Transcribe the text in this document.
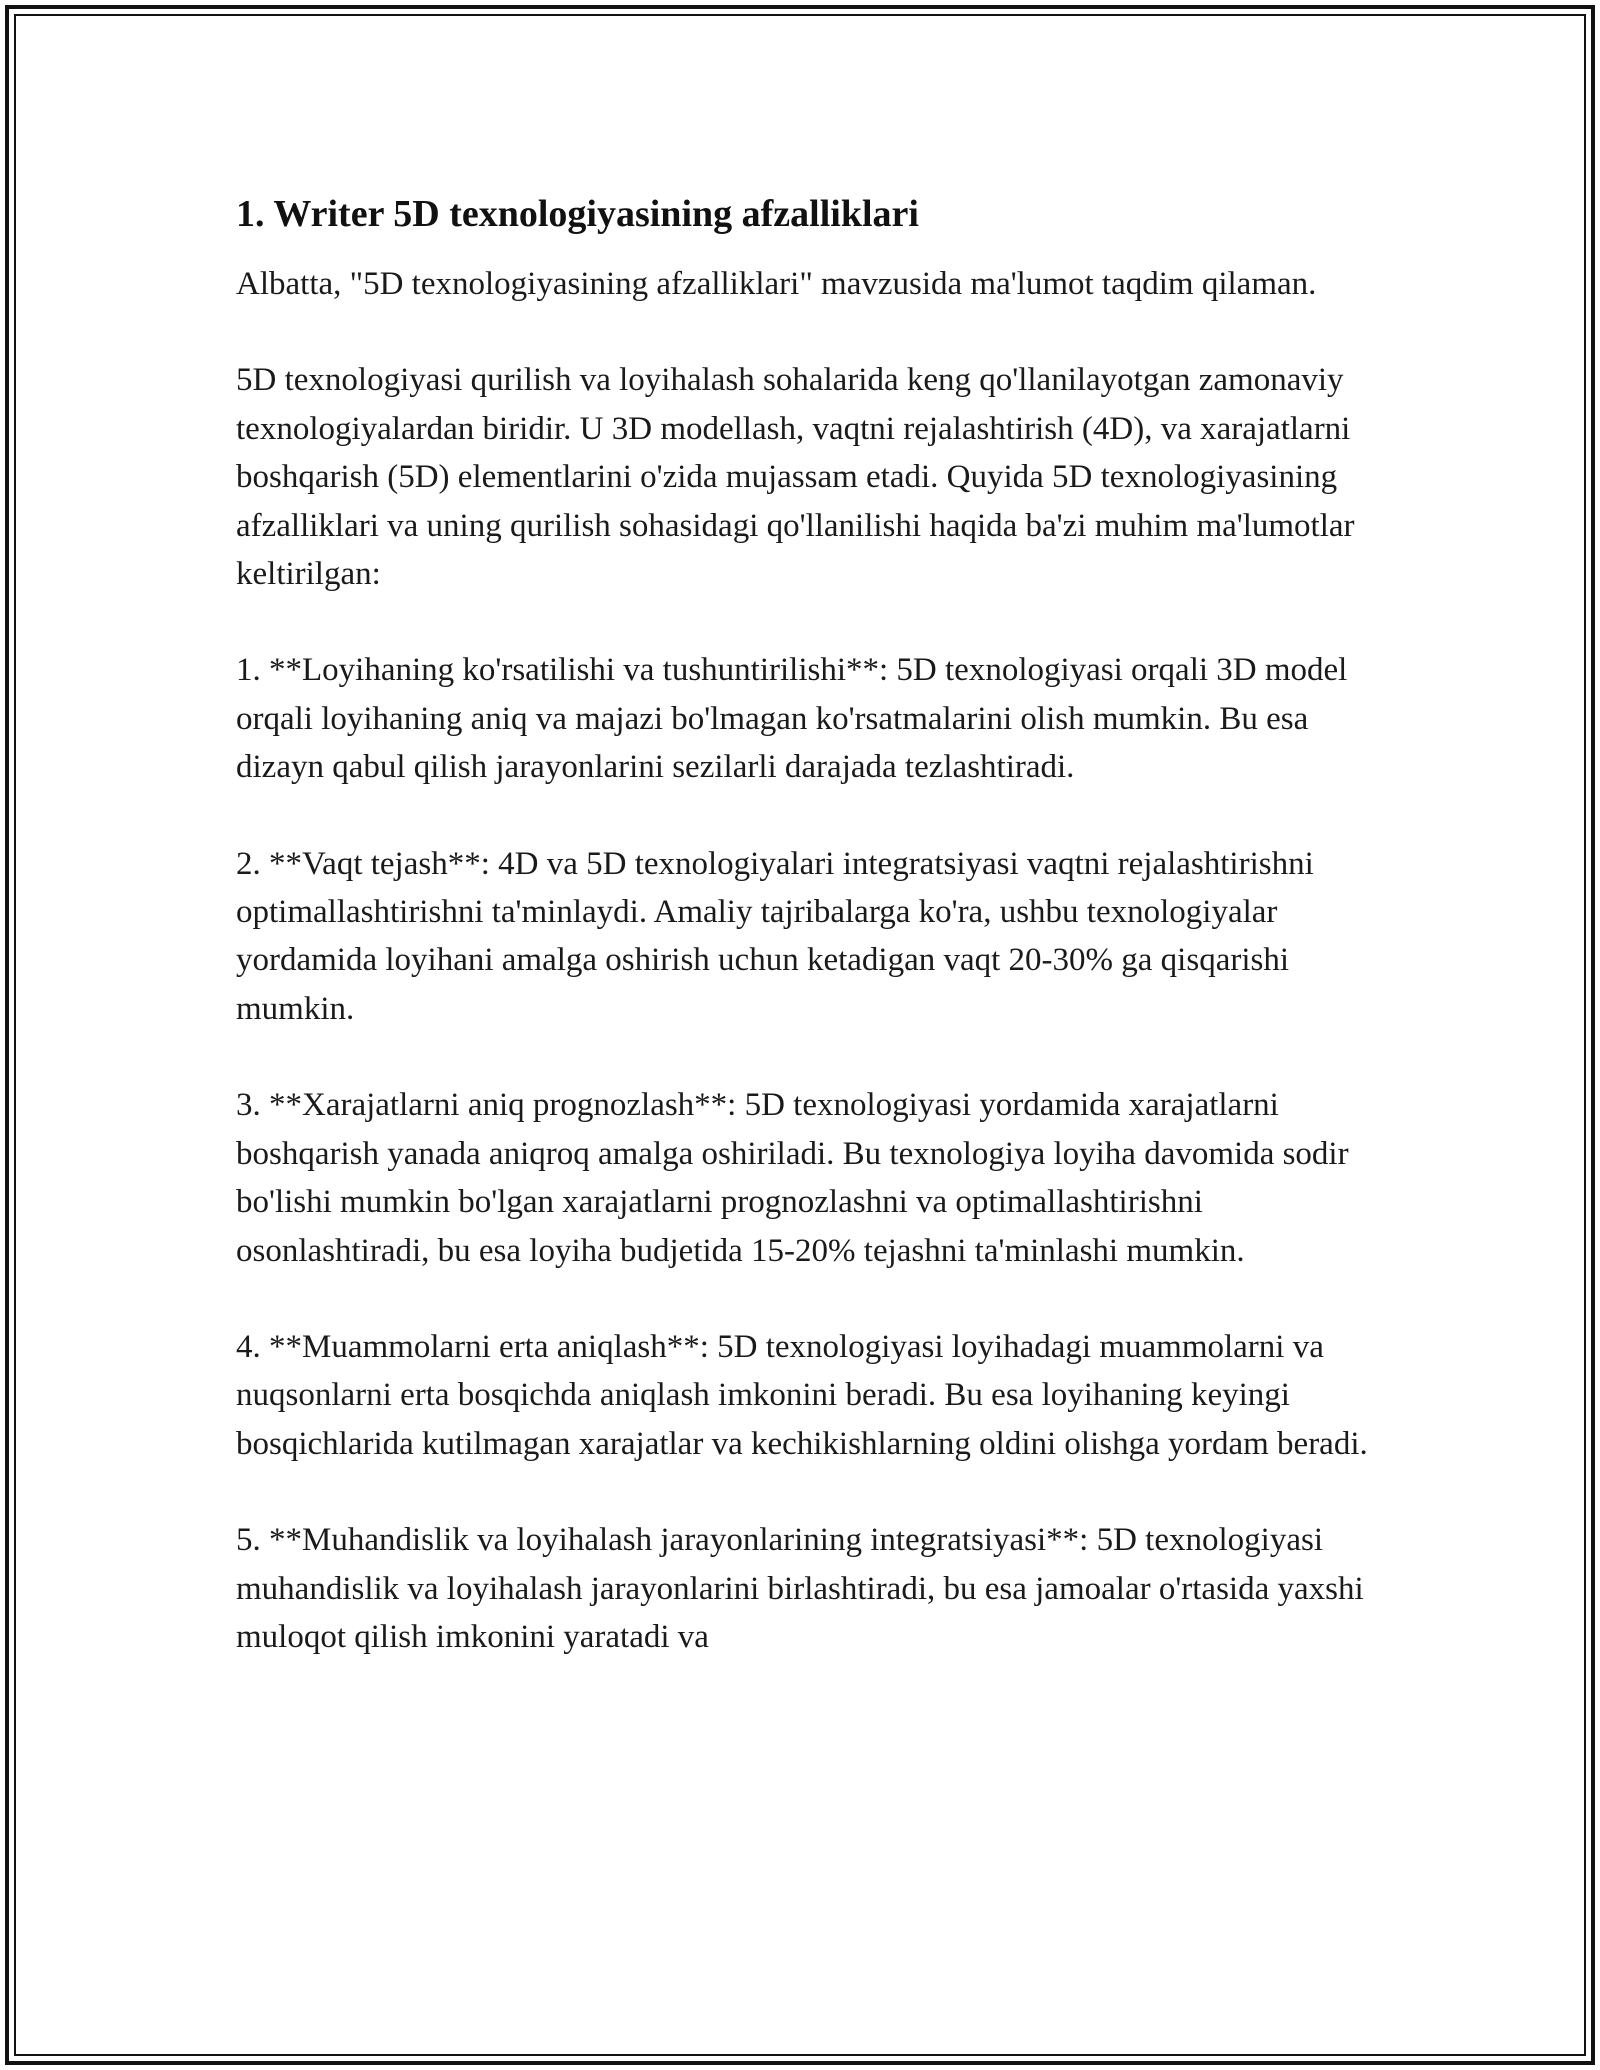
1. Writer 5D texnologiyasining afzalliklari

Albatta, "5D texnologiyasining afzalliklari" mavzusida ma'lumot taqdim qilaman.

5D texnologiyasi qurilish va loyihalash sohalarida keng qo'llanilayotgan zamonaviy texnologiyalardan biridir. U 3D modellash, vaqtni rejalashtirish (4D), va xarajatlarni boshqarish (5D) elementlarini o'zida mujassam etadi. Quyida 5D texnologiyasining afzalliklari va uning qurilish sohasidagi qo'llanilishi haqida ba'zi muhim ma'lumotlar keltirilgan:

1. **Loyihaning ko'rsatilishi va tushuntirilishi**: 5D texnologiyasi orqali 3D model orqali loyihaning aniq va majazi bo'lmagan ko'rsatmalarini olish mumkin. Bu esa dizayn qabul qilish jarayonlarini sezilarli darajada tezlashtiradi.

2. **Vaqt tejash**: 4D va 5D texnologiyalari integratsiyasi vaqtni rejalashtirishni optimallashtirishni ta'minlaydi. Amaliy tajribalarga ko'ra, ushbu texnologiyalar yordamida loyihani amalga oshirish uchun ketadigan vaqt 20-30% ga qisqarishi mumkin.

3. **Xarajatlarni aniq prognozlash**: 5D texnologiyasi yordamida xarajatlarni boshqarish yanada aniqroq amalga oshiriladi. Bu texnologiya loyiha davomida sodir bo'lishi mumkin bo'lgan xarajatlarni prognozlashni va optimallashtirishni osonlashtiradi, bu esa loyiha budjetida 15-20% tejashni ta'minlashi mumkin.

4. **Muammolarni erta aniqlash**: 5D texnologiyasi loyihadagi muammolarni va nuqsonlarni erta bosqichda aniqlash imkonini beradi. Bu esa loyihaning keyingi bosqichlarida kutilmagan xarajatlar va kechikishlarning oldini olishga yordam beradi.

5. **Muhandislik va loyihalash jarayonlarining integratsiyasi**: 5D texnologiyasi muhandislik va loyihalash jarayonlarini birlashtiradi, bu esa jamoalar o'rtasida yaxshi muloqot qilish imkonini yaratadi va
